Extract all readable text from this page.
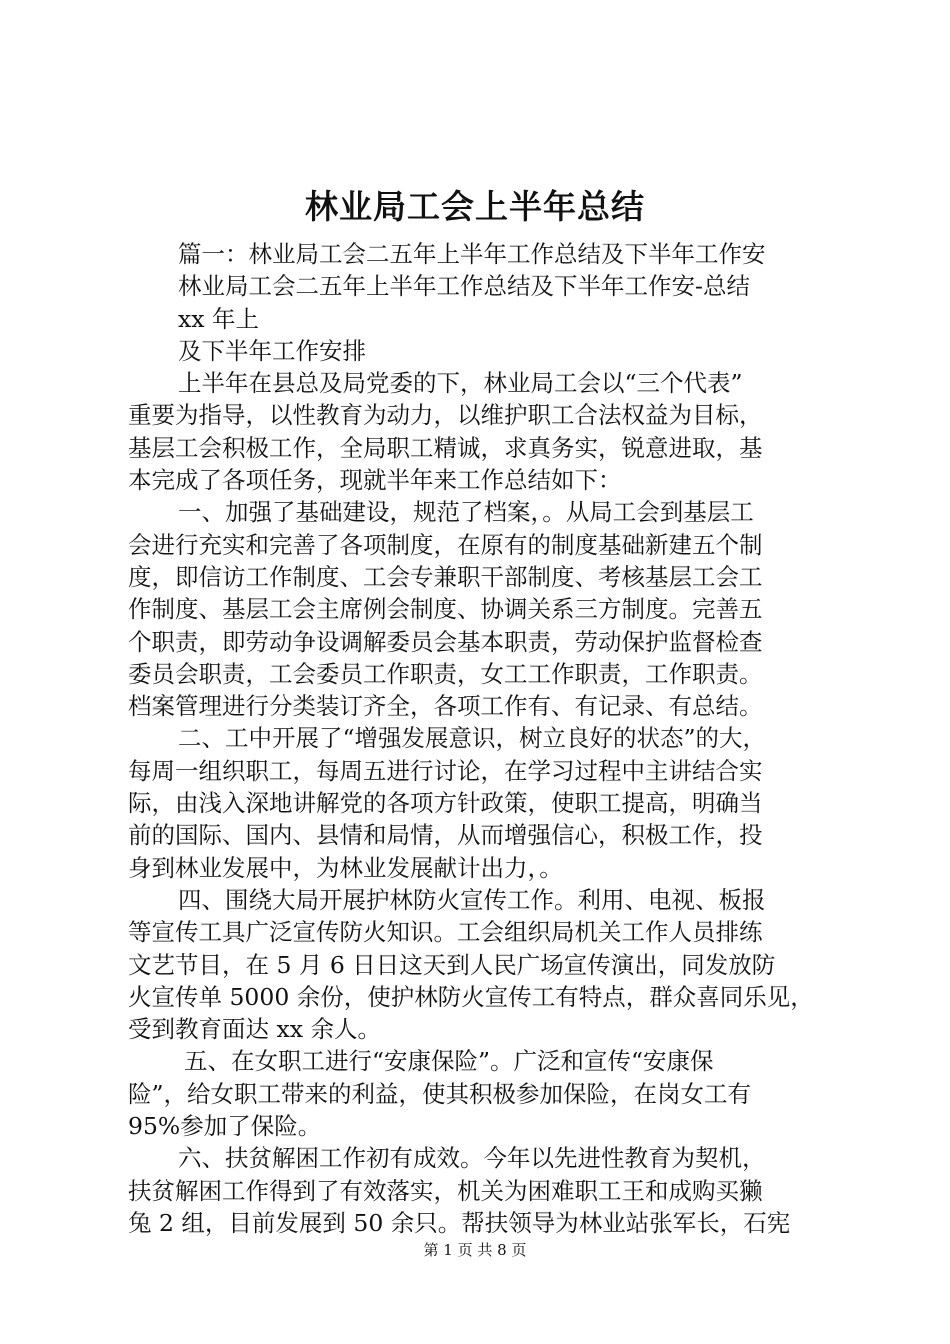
林业局工会上半年总结

篇一：林业局工会二五年上半年工作总结及下半年工作安

林业局工会二五年上半年工作总结及下半年工作安-总结

xx 年上

及下半年工作安排

上半年在县总及局党委的下，林业局工会以“三个代表”

重要为指导，以性教育为动力，以维护职工合法权益为目标，

基层工会积极工作，全局职工精诚，求真务实，锐意进取，基

本完成了各项任务，现就半年来工作总结如下：

一、加强了基础建设，规范了档案，。从局工会到基层工

会进行充实和完善了各项制度，在原有的制度基础新建五个制

度，即信访工作制度、工会专兼职干部制度、考核基层工会工

作制度、基层工会主席例会制度、协调关系三方制度。完善五

个职责，即劳动争设调解委员会基本职责，劳动保护监督检查

委员会职责，工会委员工作职责，女工工作职责，工作职责。

档案管理进行分类装订齐全，各项工作有、有记录、有总结。

二、工中开展了“增强发展意识，树立良好的状态”的大，

每周一组织职工，每周五进行讨论，在学习过程中主讲结合实

际，由浅入深地讲解党的各项方针政策，使职工提高，明确当

前的国际、国内、县情和局情，从而增强信心，积极工作，投

身到林业发展中，为林业发展献计出力，。

四、围绕大局开展护林防火宣传工作。利用、电视、板报

等宣传工具广泛宣传防火知识。工会组织局机关工作人员排练

文艺节目，在 5 月 6 日日这天到人民广场宣传演出，同发放防

火宣传单 5000 余份，使护林防火宣传工有特点，群众喜同乐见，

受到教育面达 xx 余人。

五、在女职工进行“安康保险”。广泛和宣传“安康保

险”，给女职工带来的利益，使其积极参加保险，在岗女工有

95%参加了保险。

六、扶贫解困工作初有成效。今年以先进性教育为契机，

扶贫解困工作得到了有效落实，机关为困难职工王和成购买獭

兔 2 组，目前发展到 50 余只。帮扶领导为林业站张军长，石宪

第 1 页 共 8 页
